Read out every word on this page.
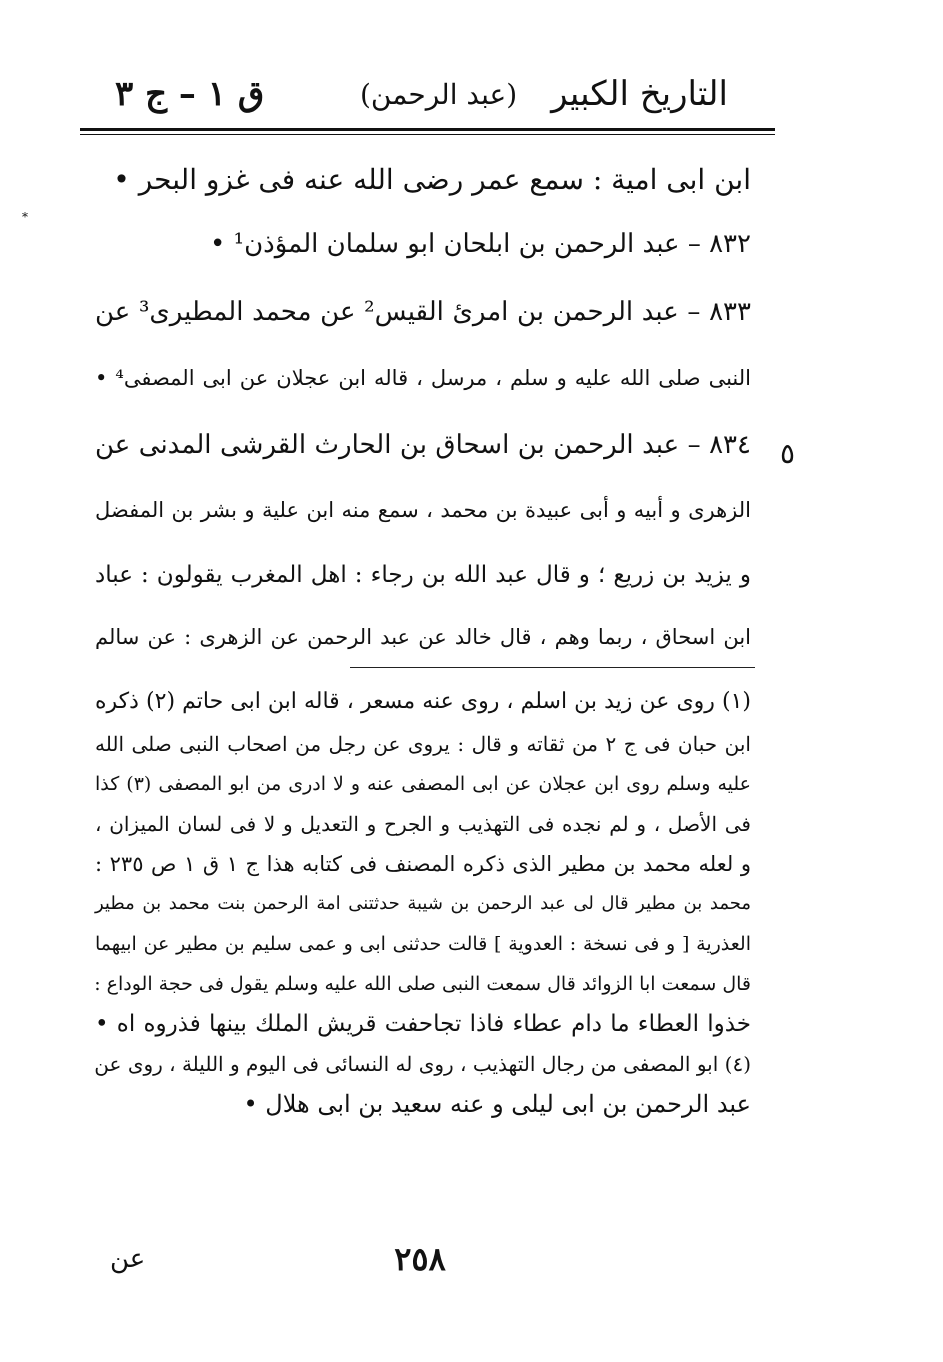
التاريخ الكبير
(عبد الرحمن)
ق ١ – ج ٣
*
ابن ابى امية : سمع عمر رضى الله عنه فى غزو البحر •
٨٣٢ – عبد الرحمن بن ابلحان ابو سلمان المؤذن¹ •
٨٣٣ – عبد الرحمن بن امرئ القيس² عن محمد المطيرى³ عن
النبى صلى الله عليه و سلم ، مرسل ، قاله ابن عجلان عن ابى المصفى⁴ •
٨٣٤ – عبد الرحمن بن اسحاق بن الحارث القرشى المدنى عن ٥
الزهرى و أبيه و أبى عبيدة بن محمد ، سمع منه ابن علية و بشر بن المفضل
و يزيد بن زريع ؛ و قال عبد الله بن رجاء : اهل المغرب يقولون : عباد
ابن اسحاق ، ربما وهم ، قال خالد عن عبد الرحمن عن الزهرى : عن سالم
(١) روى عن زيد بن اسلم ، روى عنه مسعر ، قاله ابن ابى حاتم (٢) ذكره
ابن حبان فى ج ٢ من ثقاته و قال : يروى عن رجل من اصحاب النبى صلى الله
عليه وسلم روى ابن عجلان عن ابى المصفى عنه و لا ادرى من ابو المصفى (٣) كذا
فى الأصل ، و لم نجده فى التهذيب و الجرح و التعديل و لا فى لسان الميزان ،
و لعله محمد بن مطير الذى ذكره المصنف فى كتابه هذا ج ١ ق ١ ص ٢٣٥ :
محمد بن مطير قال لى عبد الرحمن بن شيبة حدثتنى امة الرحمن بنت محمد بن مطير
العذرية [ و فى نسخة : العدوية ] قالت حدثنى ابى و عمى سليم بن مطير عن ابيهما
قال سمعت ابا الزوائد قال سمعت النبى صلى الله عليه وسلم يقول فى حجة الوداع :
خذوا العطاء ما دام عطاء فاذا تجاحفت قريش الملك بينها فذروه اه •
(٤) ابو المصفى من رجال التهذيب ، روى له النسائى فى اليوم و الليلة ، روى عن
عبد الرحمن بن ابى ليلى و عنه سعيد بن ابى هلال •
٢٥٨
عن
